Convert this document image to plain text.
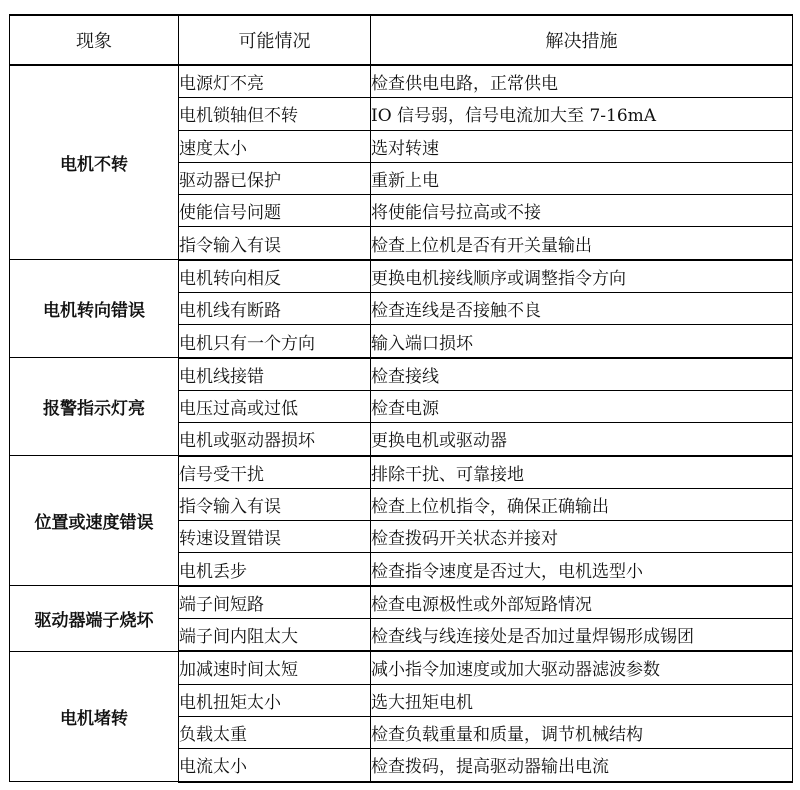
现象	可能情况	解决措施
电机不转	电源灯不亮	检查供电电路，正常供电
	电机锁轴但不转	IO 信号弱，信号电流加大至 7-16mA
	速度太小	选对转速
	驱动器已保护	重新上电
	使能信号问题	将使能信号拉高或不接
	指令输入有误	检查上位机是否有开关量输出
电机转向错误	电机转向相反	更换电机接线顺序或调整指令方向
	电机线有断路	检查连线是否接触不良
	电机只有一个方向	输入端口损坏
报警指示灯亮	电机线接错	检查接线
	电压过高或过低	检查电源
	电机或驱动器损坏	更换电机或驱动器
位置或速度错误	信号受干扰	排除干扰、可靠接地
	指令输入有误	检查上位机指令，确保正确输出
	转速设置错误	检查拨码开关状态并接对
	电机丢步	检查指令速度是否过大，电机选型小
驱动器端子烧坏	端子间短路	检查电源极性或外部短路情况
	端子间内阻太大	检查线与线连接处是否加过量焊锡形成锡团
电机堵转	加减速时间太短	减小指令加速度或加大驱动器滤波参数
	电机扭矩太小	选大扭矩电机
	负载太重	检查负载重量和质量，调节机械结构
	电流太小	检查拨码，提高驱动器输出电流
